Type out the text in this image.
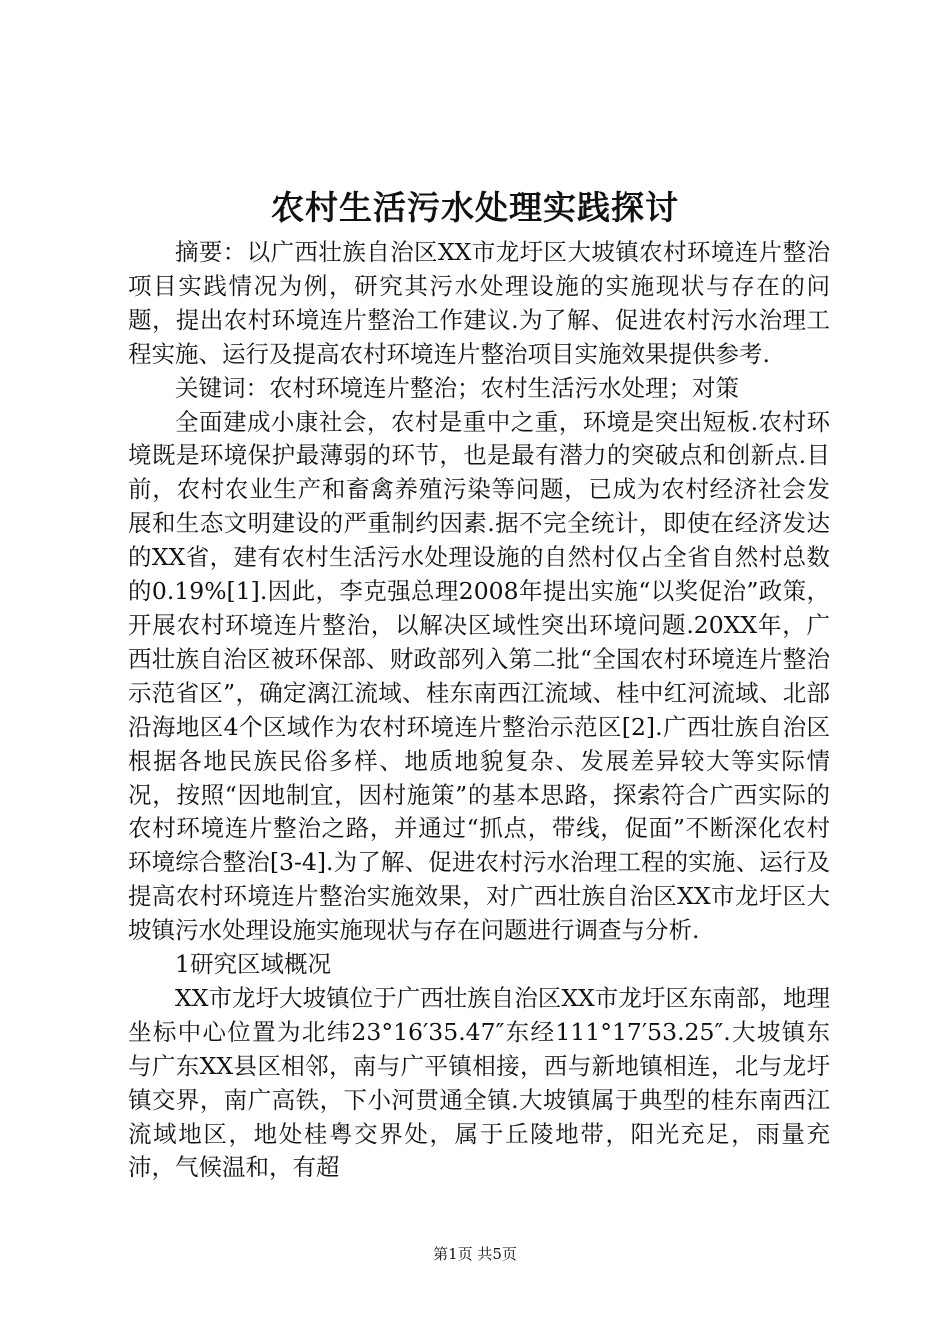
农村生活污水处理实践探讨

摘要：以广西壮族自治区XX市龙圩区大坡镇农村环境连片整治项目实践情况为例，研究其污水处理设施的实施现状与存在的问题，提出农村环境连片整治工作建议.为了解、促进农村污水治理工程实施、运行及提高农村环境连片整治项目实施效果提供参考.

关键词：农村环境连片整治；农村生活污水处理；对策

全面建成小康社会，农村是重中之重，环境是突出短板.农村环境既是环境保护最薄弱的环节，也是最有潜力的突破点和创新点.目前，农村农业生产和畜禽养殖污染等问题，已成为农村经济社会发展和生态文明建设的严重制约因素.据不完全统计，即使在经济发达的XX省，建有农村生活污水处理设施的自然村仅占全省自然村总数的0.19%[1].因此，李克强总理2008年提出实施“以奖促治”政策，开展农村环境连片整治，以解决区域性突出环境问题.20XX年，广西壮族自治区被环保部、财政部列入第二批“全国农村环境连片整治示范省区”，确定漓江流域、桂东南西江流域、桂中红河流域、北部沿海地区4个区域作为农村环境连片整治示范区[2].广西壮族自治区根据各地民族民俗多样、地质地貌复杂、发展差异较大等实际情况，按照“因地制宜，因村施策”的基本思路，探索符合广西实际的农村环境连片整治之路，并通过“抓点，带线，促面”不断深化农村环境综合整治[3-4].为了解、促进农村污水治理工程的实施、运行及提高农村环境连片整治实施效果，对广西壮族自治区XX市龙圩区大坡镇污水处理设施实施现状与存在问题进行调查与分析.

1研究区域概况

XX市龙圩大坡镇位于广西壮族自治区XX市龙圩区东南部，地理坐标中心位置为北纬23°16′35.47″东经111°17′53.25″.大坡镇东与广东XX县区相邻，南与广平镇相接，西与新地镇相连，北与龙圩镇交界，南广高铁，下小河贯通全镇.大坡镇属于典型的桂东南西江流域地区，地处桂粤交界处，属于丘陵地带，阳光充足，雨量充沛，气候温和，有超

第1页 共5页
